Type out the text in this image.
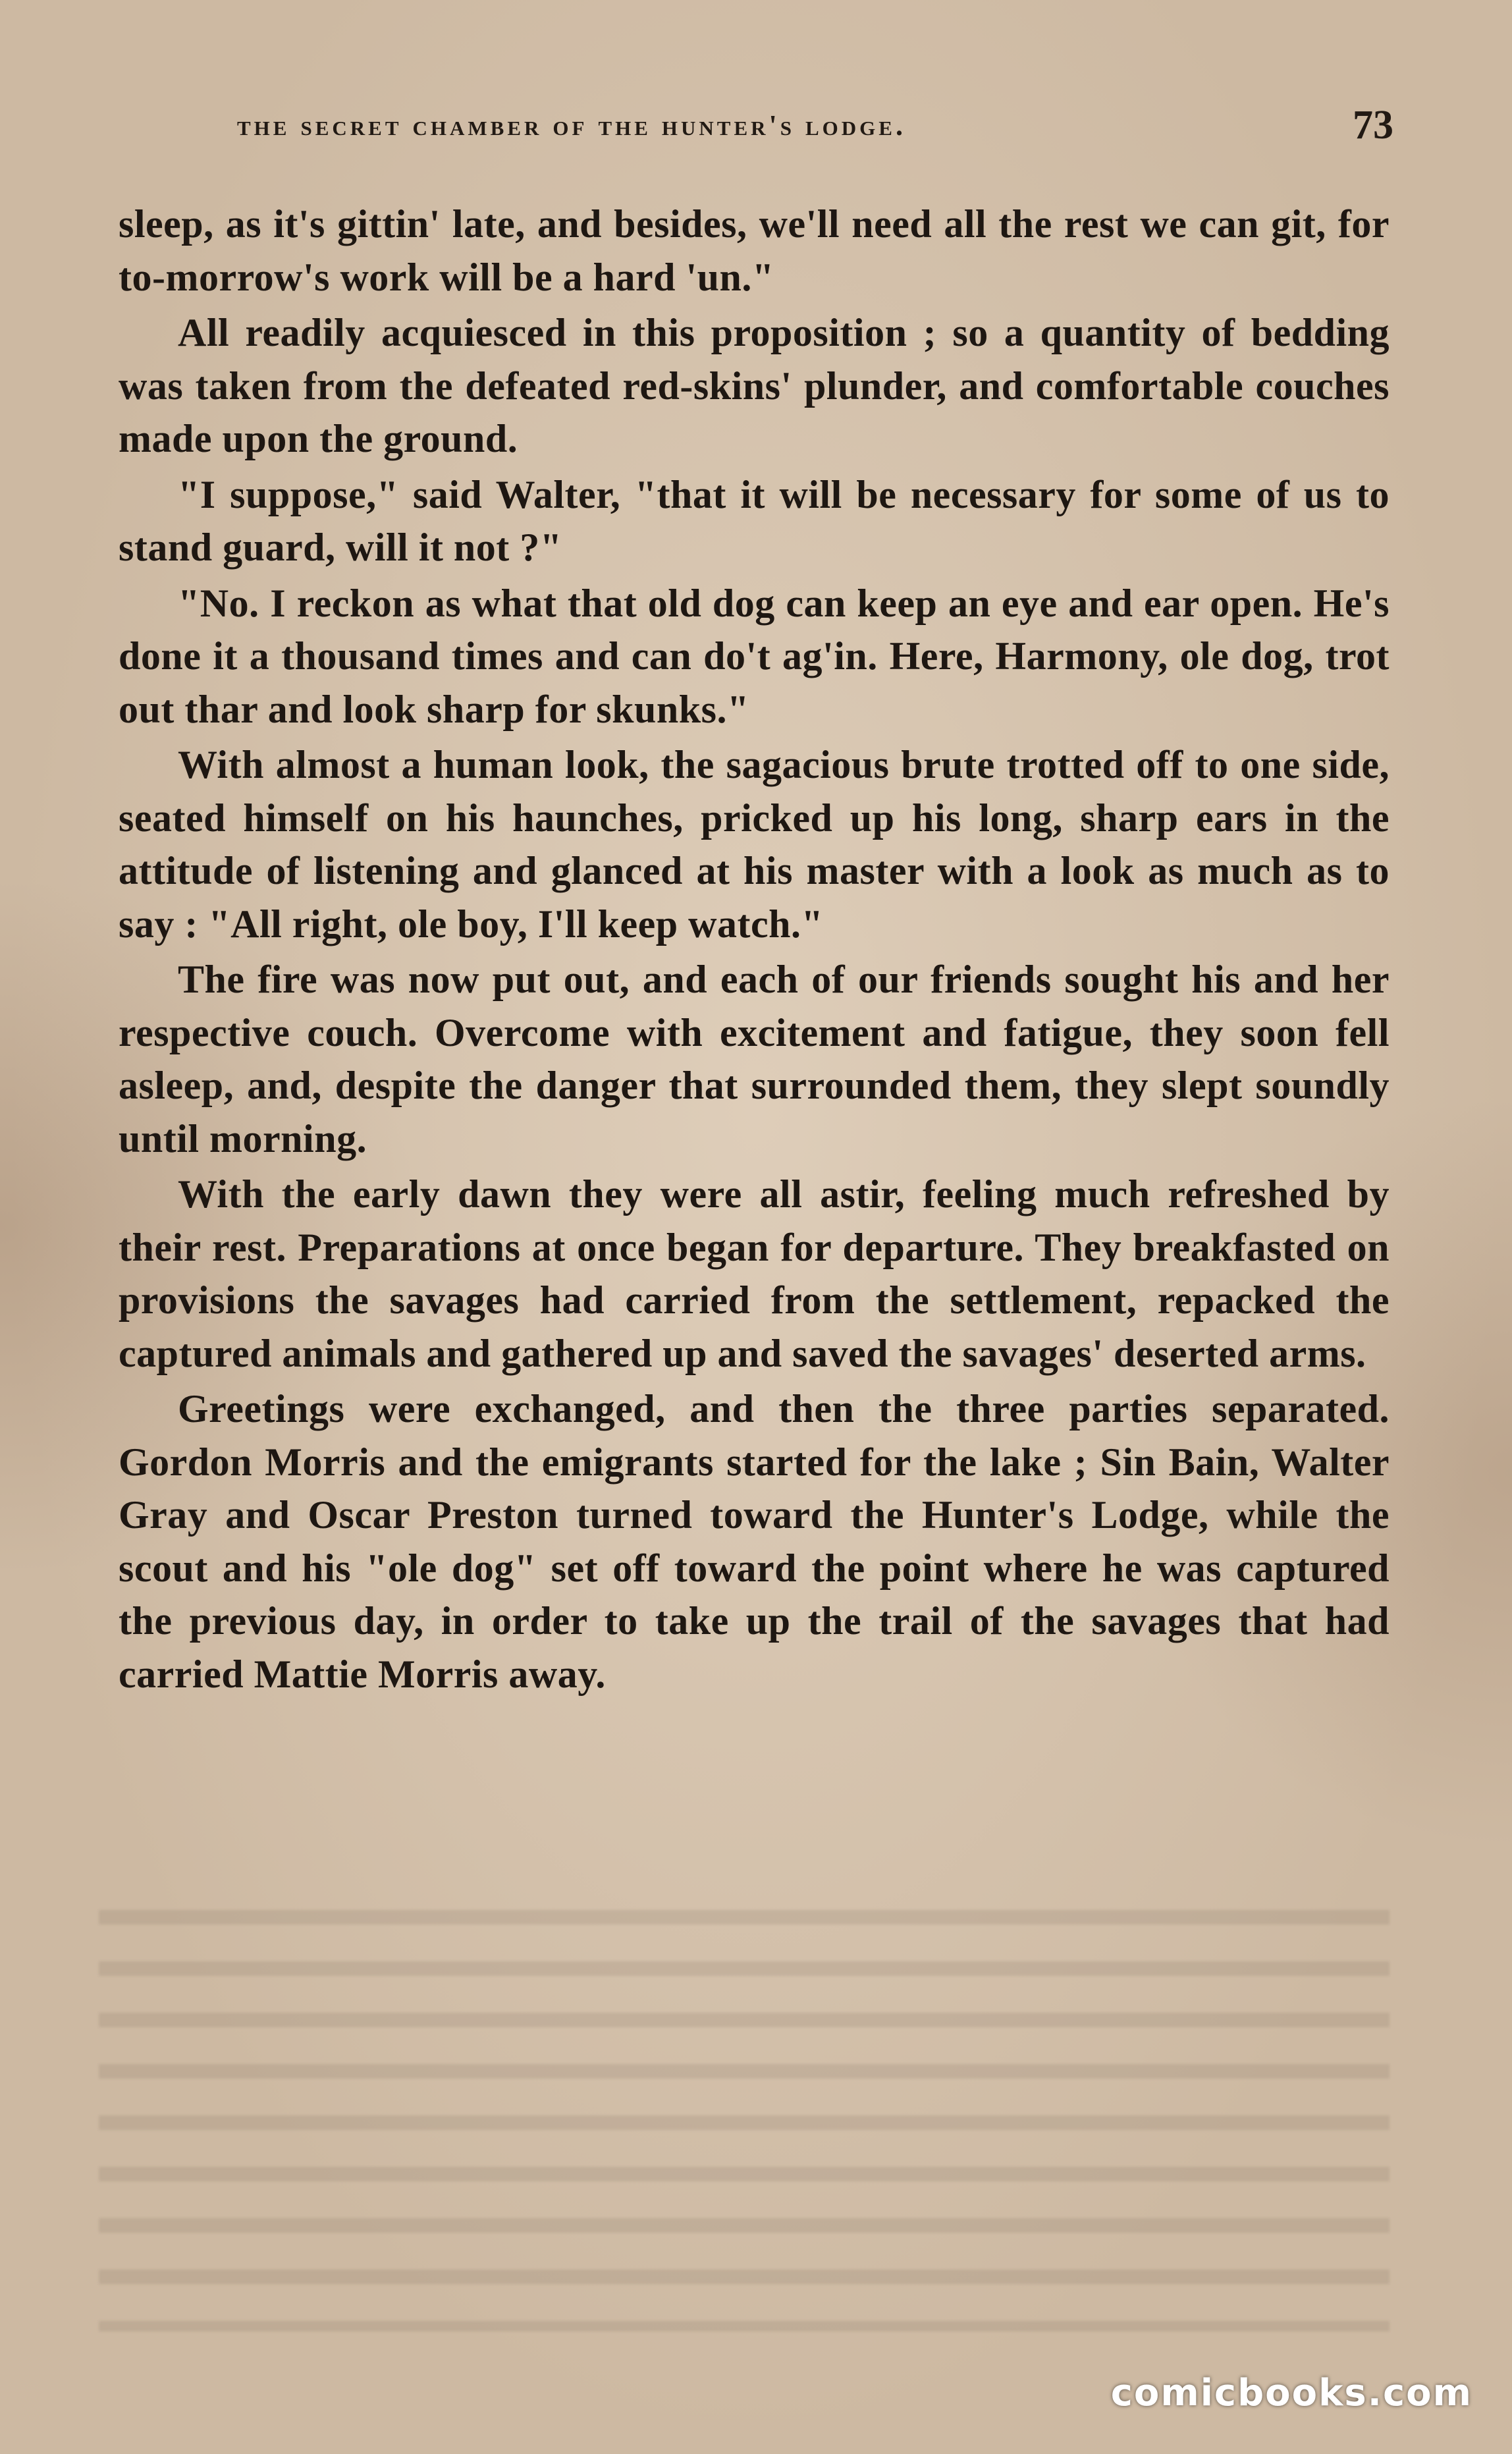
the secret chamber of the hunter's lodge.	73

sleep, as it's gittin' late, and besides, we'll need all the rest we can git, for to-morrow's work will be a hard 'un."

All readily acquiesced in this proposition ; so a quantity of bedding was taken from the defeated red-skins' plunder, and comfortable couches made upon the ground.

"I suppose," said Walter, "that it will be necessary for some of us to stand guard, will it not ?"

"No. I reckon as what that old dog can keep an eye and ear open. He's done it a thousand times and can do't ag'in. Here, Harmony, ole dog, trot out thar and look sharp for skunks."

With almost a human look, the sagacious brute trotted off to one side, seated himself on his haunches, pricked up his long, sharp ears in the attitude of listening and glanced at his master with a look as much as to say : "All right, ole boy, I'll keep watch."

The fire was now put out, and each of our friends sought his and her respective couch. Overcome with excitement and fatigue, they soon fell asleep, and, despite the danger that surrounded them, they slept soundly until morning.

With the early dawn they were all astir, feeling much refreshed by their rest. Preparations at once began for departure. They breakfasted on provisions the savages had carried from the settlement, repacked the captured animals and gathered up and saved the savages' deserted arms.

Greetings were exchanged, and then the three parties separated. Gordon Morris and the emigrants started for the lake ; Sin Bain, Walter Gray and Oscar Preston turned toward the Hunter's Lodge, while the scout and his "ole dog" set off toward the point where he was captured the previous day, in order to take up the trail of the savages that had carried Mattie Morris away.

comicbooks.com
